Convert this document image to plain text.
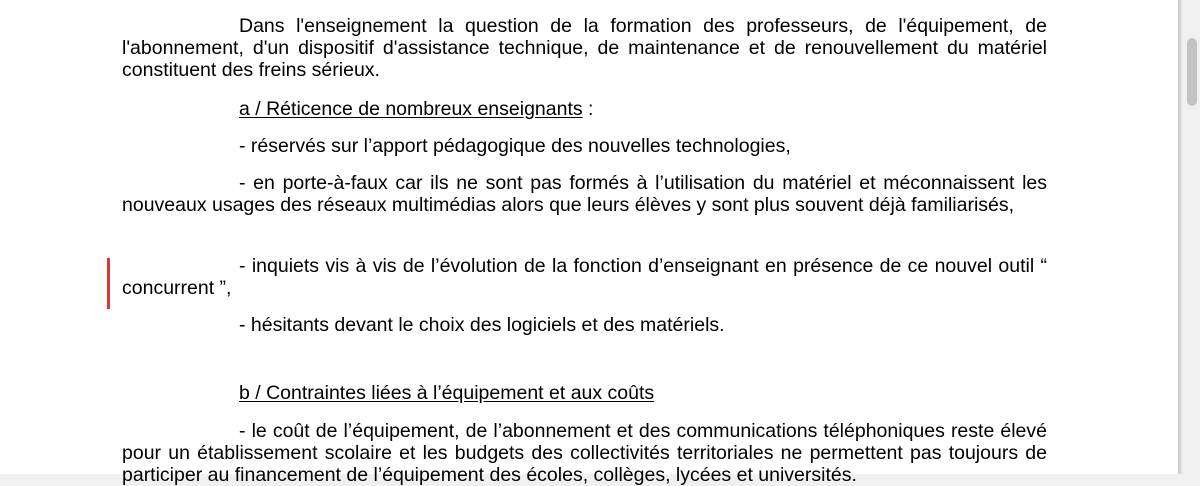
Dans l'enseignement la question de la formation des professeurs, de l'équipement, de l'abonnement, d'un dispositif d'assistance technique, de maintenance et de renouvellement du matériel constituent des freins sérieux.

a / Réticence de nombreux enseignants :
- réservés sur l’apport pédagogique des nouvelles technologies,

- en porte-à-faux car ils ne sont pas formés à l’utilisation du matériel et méconnaissent les nouveaux usages des réseaux multimédias alors que leurs élèves y sont plus souvent déjà familiarisés,

- inquiets vis à vis de l’évolution de la fonction d’enseignant en présence de ce nouvel outil “ concurrent ”,

- hésitants devant le choix des logiciels et des matériels.
b / Contraintes liées à l’équipement et aux coûts

- le coût de l’équipement, de l’abonnement et des communications téléphoniques reste élevé pour un établissement scolaire et les budgets des collectivités territoriales ne permettent pas toujours de participer au financement de l’équipement des écoles, collèges, lycées et universités.
